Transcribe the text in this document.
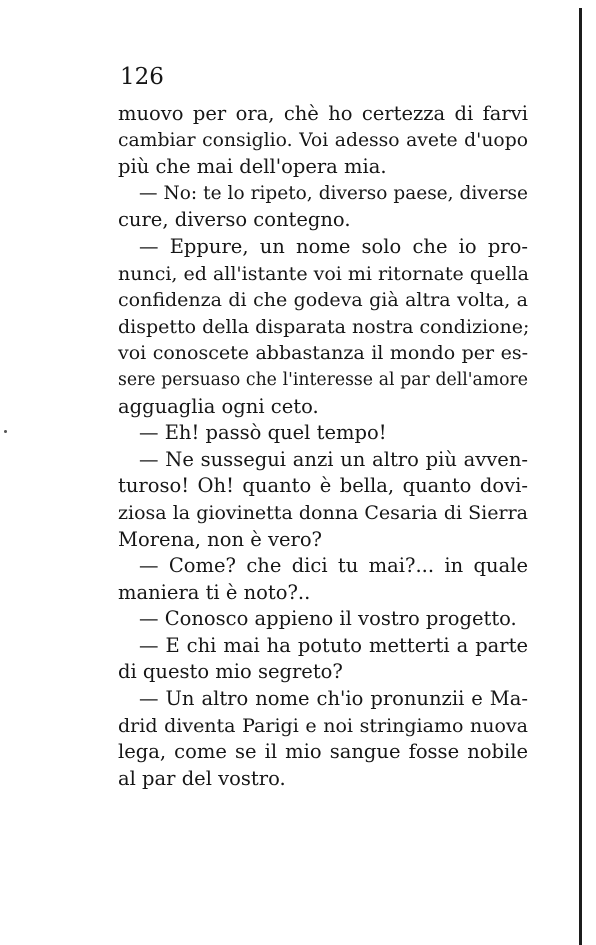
126
muovo per ora, chè ho certezza di farvi
cambiar consiglio. Voi adesso avete d'uopo
più che mai dell'opera mia.
— No: te lo ripeto, diverso paese, diverse
cure, diverso contegno.
— Eppure, un nome solo che io pro-
nunci, ed all'istante voi mi ritornate quella
confidenza di che godeva già altra volta, a
dispetto della disparata nostra condizione;
voi conoscete abbastanza il mondo per es-
sere persuaso che l'interesse al par dell'amore
agguaglia ogni ceto.
— Eh! passò quel tempo!
— Ne sussegui anzi un altro più avven-
turoso! Oh! quanto è bella, quanto dovi-
ziosa la giovinetta donna Cesaria di Sierra
Morena, non è vero?
— Come? che dici tu mai?... in quale
maniera ti è noto?..
— Conosco appieno il vostro progetto.
— E chi mai ha potuto metterti a parte
di questo mio segreto?
— Un altro nome ch'io pronunzii e Ma-
drid diventa Parigi e noi stringiamo nuova
lega, come se il mio sangue fosse nobile
al par del vostro.
